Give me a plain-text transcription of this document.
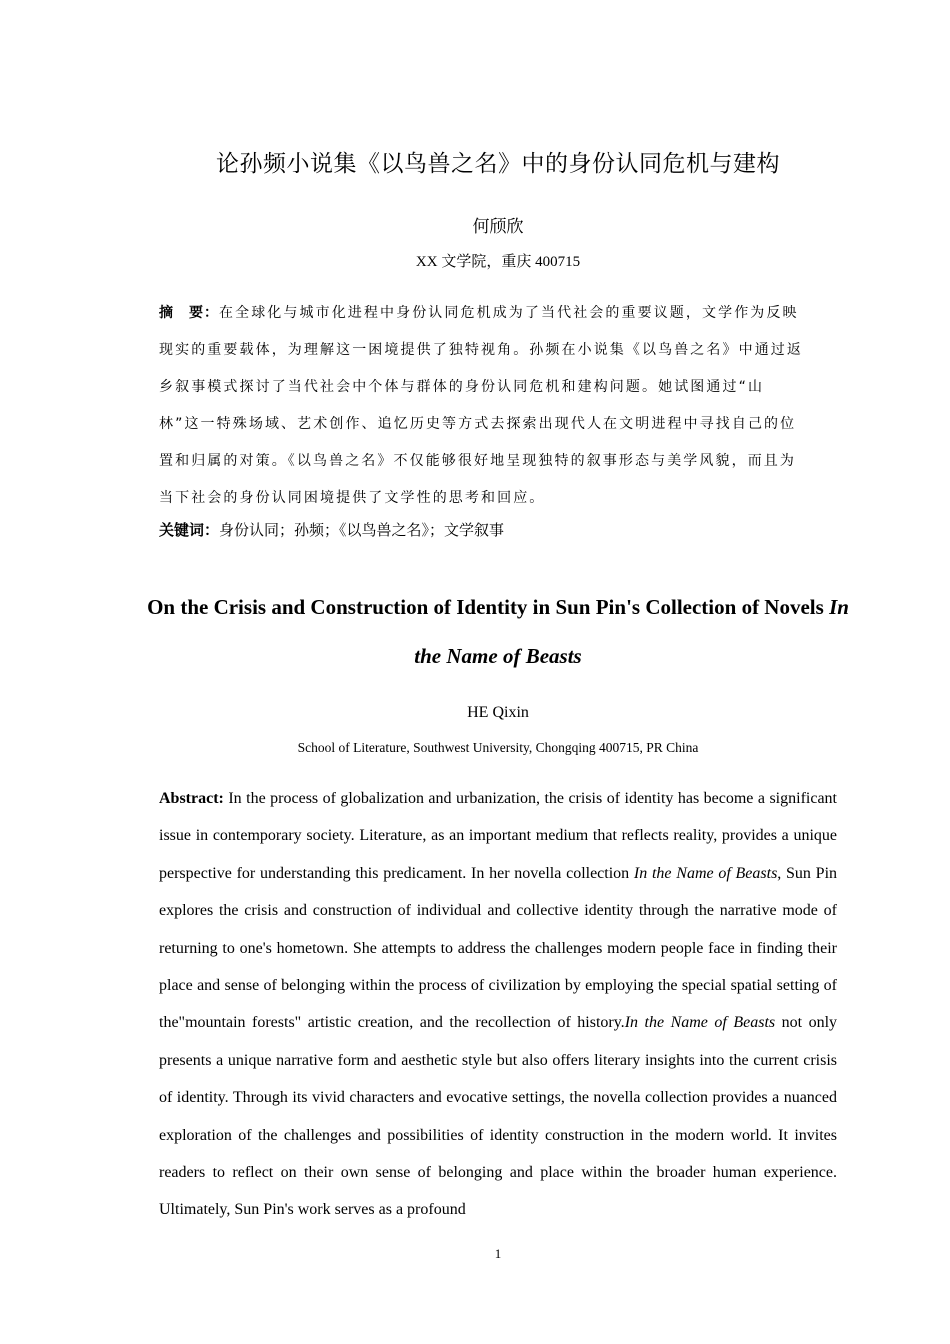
论孙频小说集《以鸟兽之名》中的身份认同危机与建构
何颀欣
XX 文学院，重庆 400715
摘　要：在全球化与城市化进程中身份认同危机成为了当代社会的重要议题，文学作为反映现实的重要载体，为理解这一困境提供了独特视角。孙频在小说集《以鸟兽之名》中通过返乡叙事模式探讨了当代社会中个体与群体的身份认同危机和建构问题。她试图通过“山林”这一特殊场域、艺术创作、追忆历史等方式去探索出现代人在文明进程中寻找自己的位置和归属的对策。《以鸟兽之名》不仅能够很好地呈现独特的叙事形态与美学风貌，而且为当下社会的身份认同困境提供了文学性的思考和回应。
关键词：身份认同；孙频；《以鸟兽之名》；文学叙事
On the Crisis and Construction of Identity in Sun Pin's Collection of Novels In the Name of Beasts
HE Qixin
School of Literature, Southwest University, Chongqing 400715, PR China
Abstract: In the process of globalization and urbanization, the crisis of identity has become a significant issue in contemporary society. Literature, as an important medium that reflects reality, provides a unique perspective for understanding this predicament. In her novella collection In the Name of Beasts, Sun Pin explores the crisis and construction of individual and collective identity through the narrative mode of returning to one's hometown. She attempts to address the challenges modern people face in finding their place and sense of belonging within the process of civilization by employing the special spatial setting of the"mountain forests" artistic creation, and the recollection of history.In the Name of Beasts not only presents a unique narrative form and aesthetic style but also offers literary insights into the current crisis of identity. Through its vivid characters and evocative settings, the novella collection provides a nuanced exploration of the challenges and possibilities of identity construction in the modern world. It invites readers to reflect on their own sense of belonging and place within the broader human experience. Ultimately, Sun Pin's work serves as a profound
1
